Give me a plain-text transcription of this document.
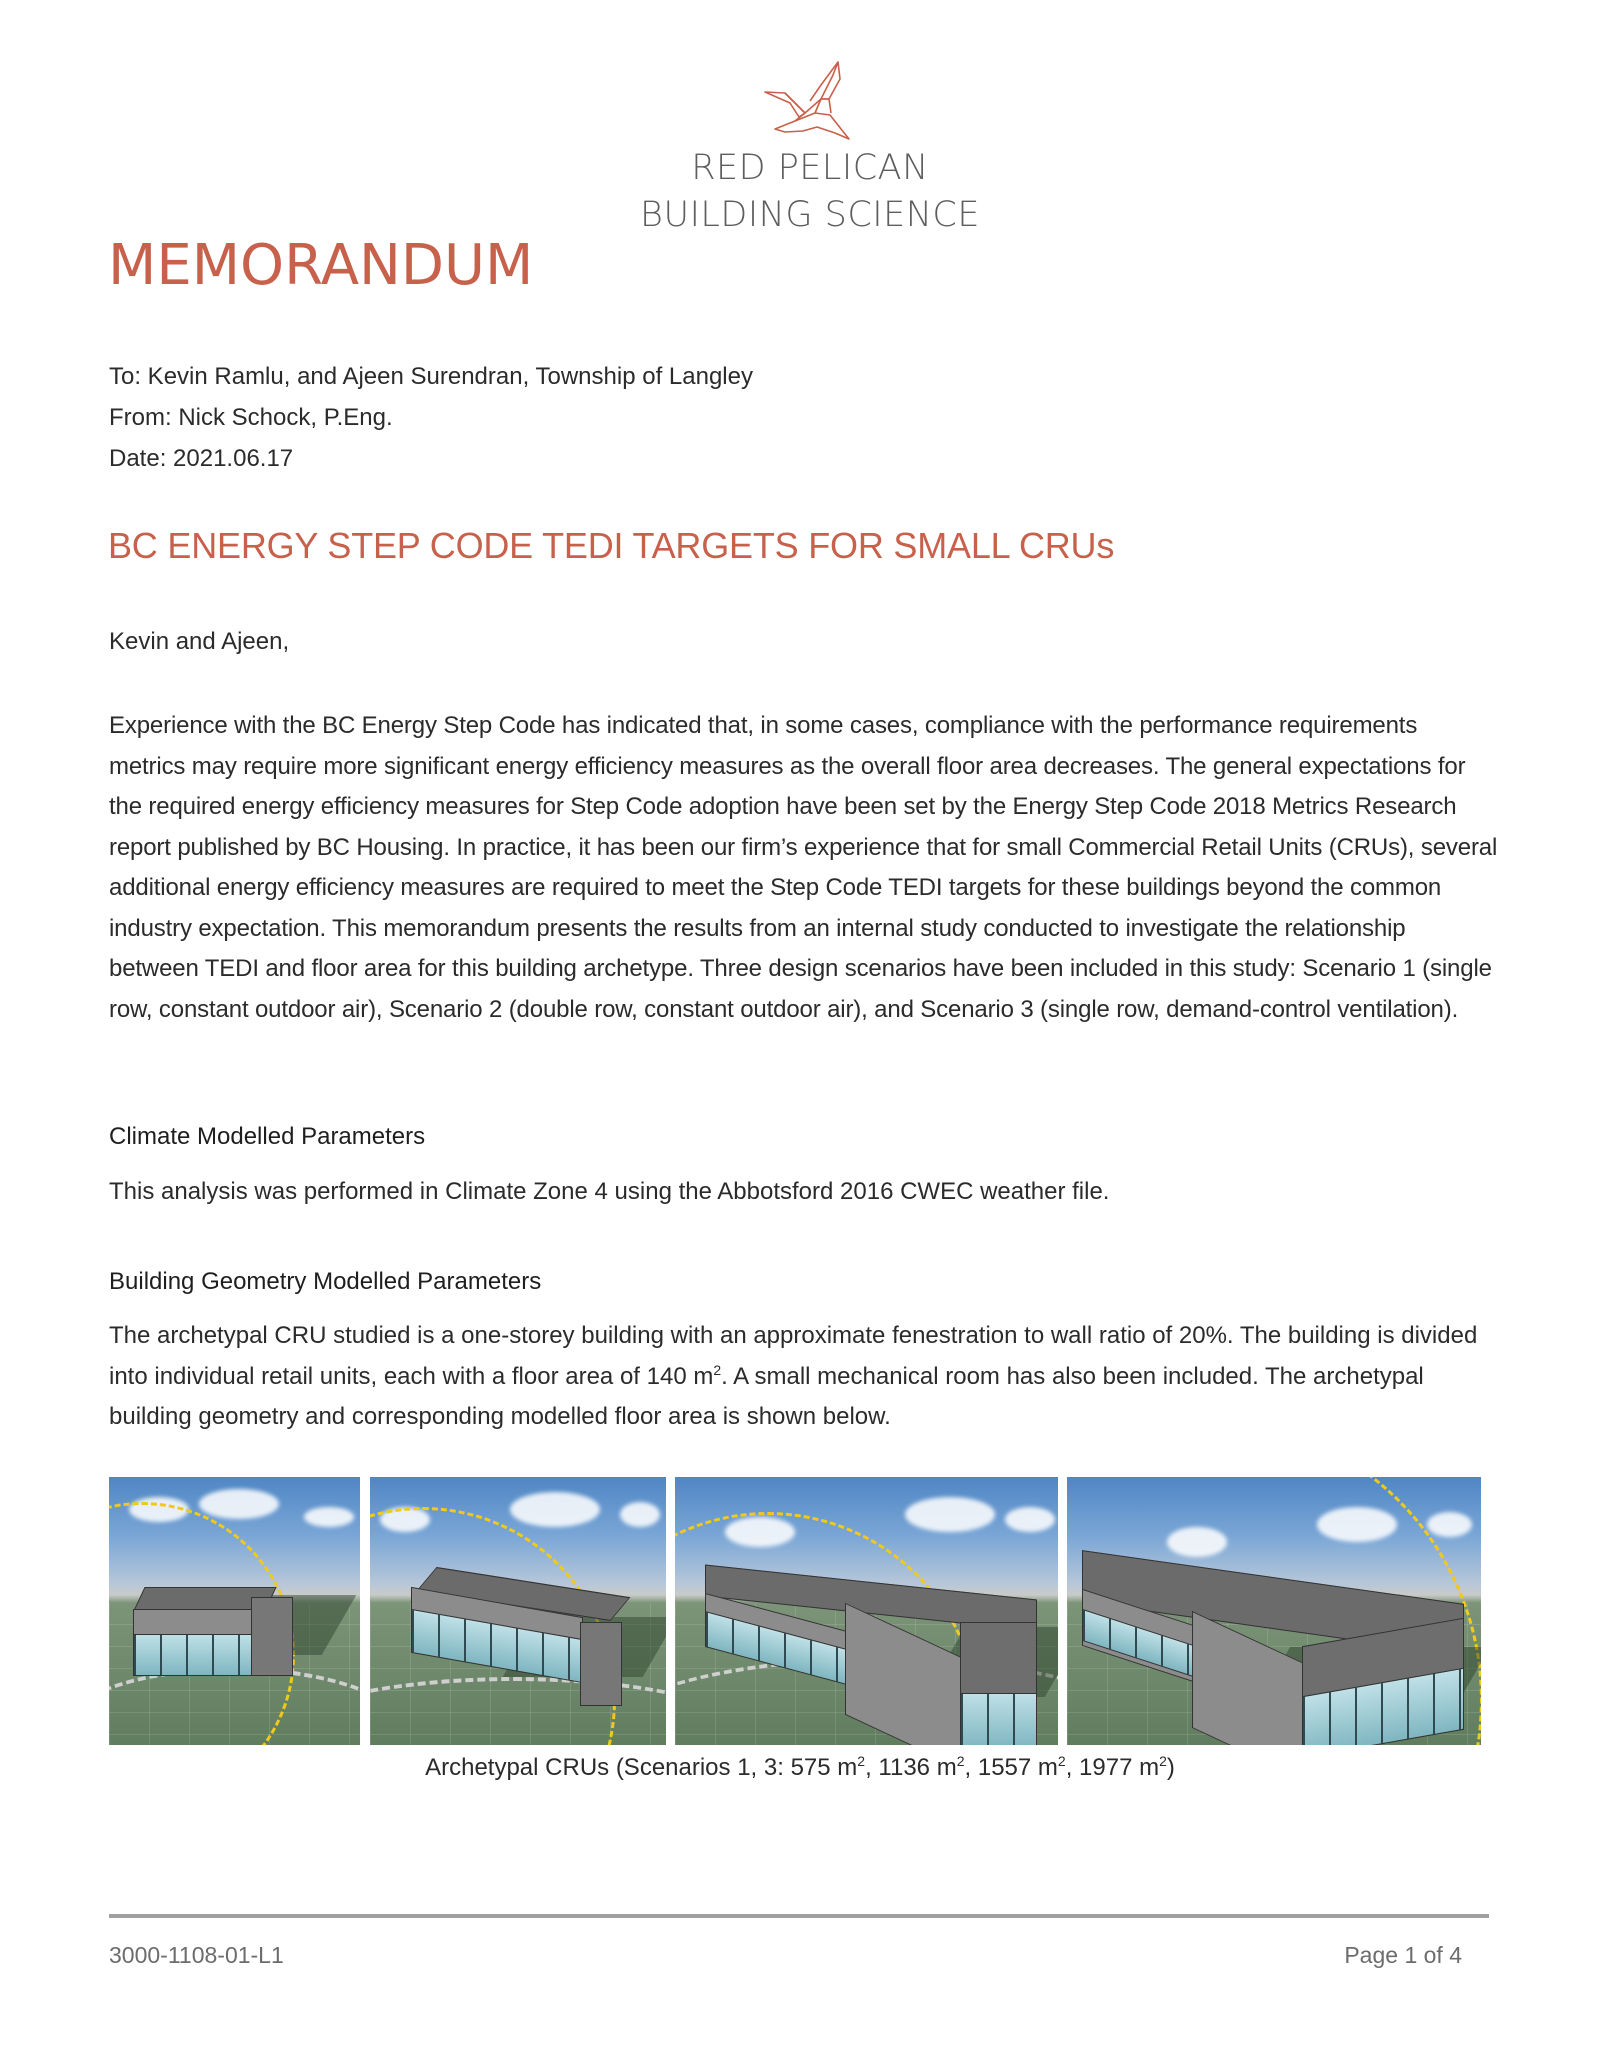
RED PELICAN
BUILDING SCIENCE
MEMORANDUM
To: Kevin Ramlu, and Ajeen Surendran, Township of Langley
From: Nick Schock, P.Eng.
Date: 2021.06.17
BC ENERGY STEP CODE TEDI TARGETS FOR SMALL CRUs
Kevin and Ajeen,
Experience with the BC Energy Step Code has indicated that, in some cases, compliance with the performance requirements metrics may require more significant energy efficiency measures as the overall floor area decreases. The general expectations for the required energy efficiency measures for Step Code adoption have been set by the Energy Step Code 2018 Metrics Research report published by BC Housing. In practice, it has been our firm’s experience that for small Commercial Retail Units (CRUs), several additional energy efficiency measures are required to meet the Step Code TEDI targets for these buildings beyond the common industry expectation. This memorandum presents the results from an internal study conducted to investigate the relationship between TEDI and floor area for this building archetype. Three design scenarios have been included in this study: Scenario 1 (single row, constant outdoor air), Scenario 2 (double row, constant outdoor air), and Scenario 3 (single row, demand-control ventilation).
Climate Modelled Parameters
This analysis was performed in Climate Zone 4 using the Abbotsford 2016 CWEC weather file.
Building Geometry Modelled Parameters
The archetypal CRU studied is a one-storey building with an approximate fenestration to wall ratio of 20%. The building is divided into individual retail units, each with a floor area of 140 $m^2$. A small mechanical room has also been included. The archetypal building geometry and corresponding modelled floor area is shown below.
Archetypal CRUs (Scenarios 1, 3: 575 $m^2$, 1136 $m^2$, 1557 $m^2$, 1977 $m^2$)
3000-1108-01-L1	Page 1 of 4
